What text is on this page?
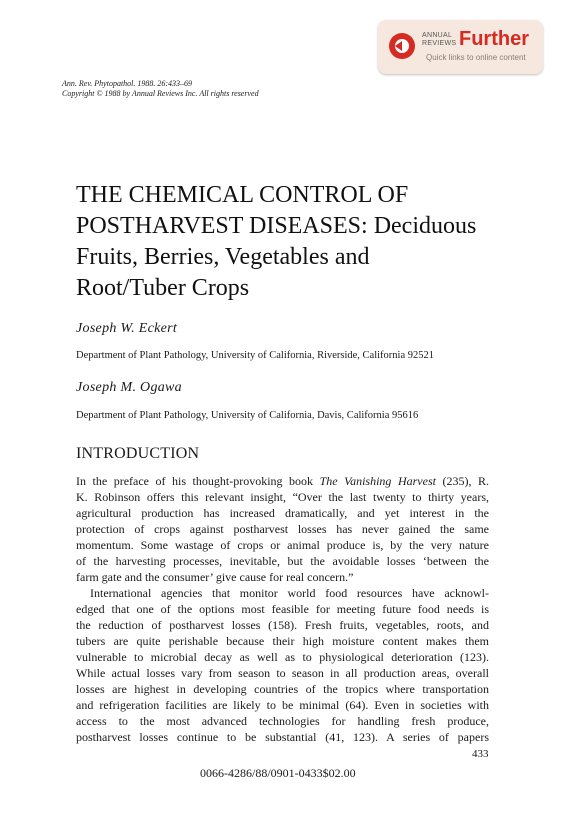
ANNUAL
REVIEWS Further
Quick links to online content
Ann. Rev. Phytopathol. 1988. 26:433–69
Copyright © 1988 by Annual Reviews Inc. All rights reserved
THE CHEMICAL CONTROL OF
POSTHARVEST DISEASES: Deciduous
Fruits, Berries, Vegetables and
Root/Tuber Crops
Joseph W. Eckert
Department of Plant Pathology, University of California, Riverside, California 92521
Joseph M. Ogawa
Department of Plant Pathology, University of California, Davis, California 95616
INTRODUCTION
In the preface of his thought-provoking book The Vanishing Harvest (235), R.
K. Robinson offers this relevant insight, “Over the last twenty to thirty years,
agricultural production has increased dramatically, and yet interest in the
protection of crops against postharvest losses has never gained the same
momentum. Some wastage of crops or animal produce is, by the very nature
of the harvesting processes, inevitable, but the avoidable losses ‘between the
farm gate and the consumer’ give cause for real concern.”
International agencies that monitor world food resources have acknowl-
edged that one of the options most feasible for meeting future food needs is
the reduction of postharvest losses (158). Fresh fruits, vegetables, roots, and
tubers are quite perishable because their high moisture content makes them
vulnerable to microbial decay as well as to physiological deterioration (123).
While actual losses vary from season to season in all production areas, overall
losses are highest in developing countries of the tropics where transportation
and refrigeration facilities are likely to be minimal (64). Even in societies with
access to the most advanced technologies for handling fresh produce,
postharvest losses continue to be substantial (41, 123). A series of papers
433
0066-4286/88/0901-0433$02.00
